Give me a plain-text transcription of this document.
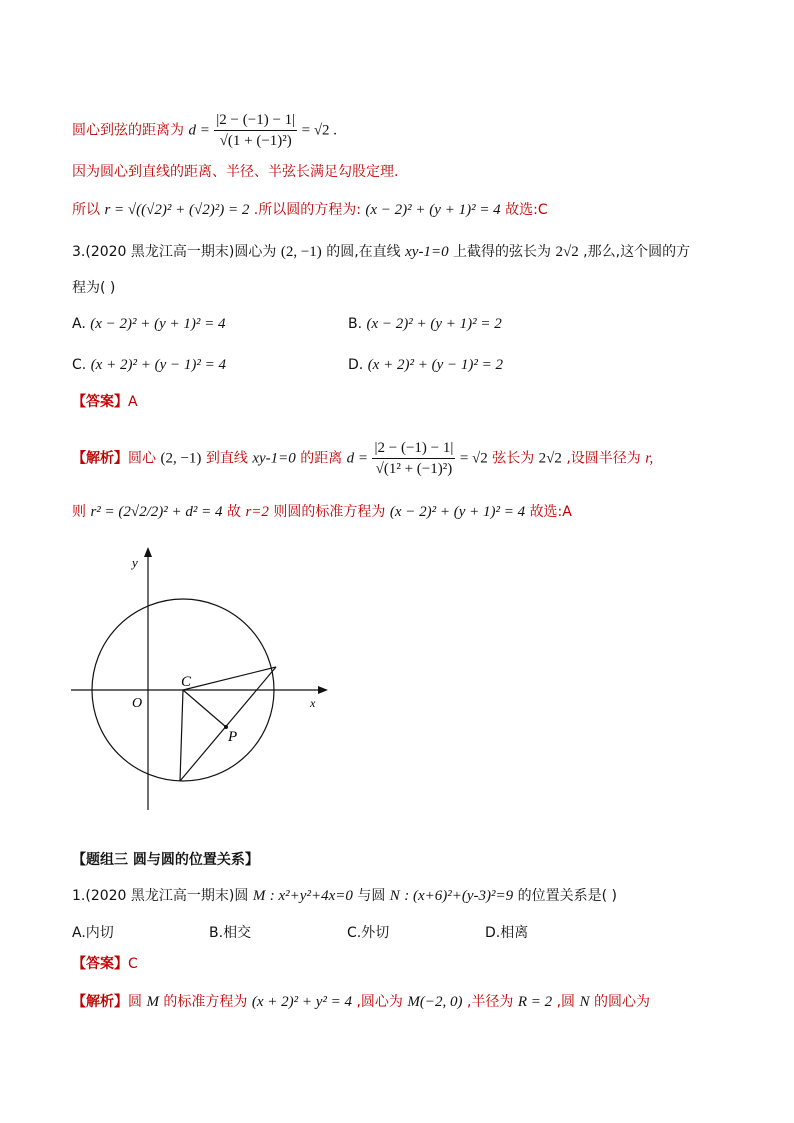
圆心到弦的距离为 $d = \frac{|2 - (-1) - 1|}{\text{√(1 + (−1)²)}} = √2$ .
因为圆心到直线的距离、半径、半弦长满足勾股定理.
所以 r = √((√2)² + (√2)²) = 2 .所以圆的方程为: (x − 2)² + (y + 1)² = 4 故选:C
3.(2020 黑龙江高一期末)圆心为 (2, −1) 的圆,在直线 xy-1=0 上截得的弦长为 2√2 ,那么,这个圆的方
程为( )
A. (x − 2)² + (y + 1)² = 4	B. (x − 2)² + (y + 1)² = 2
C. (x + 2)² + (y − 1)² = 4	D. (x + 2)² + (y − 1)² = 2
【答案】A
【解析】圆心 (2, −1) 到直线 xy-1=0 的距离 $d = \frac{|2 - (-1) - 1|}{\text{√(1² + (−1)²)}} = √2$ 弦长为 2√2 ,设圆半径为 r,
则 r² = (2√2/2)² + d² = 4 故 r=2 则圆的标准方程为 (x − 2)² + (y + 1)² = 4 故选:A
y
x
O
C
P
【题组三 圆与圆的位置关系】
1.(2020 黑龙江高一期末)圆 M : x²+y²+4x=0 与圆 N : (x+6)²+(y-3)²=9 的位置关系是( )
A.内切	B.相交	C.外切	D.相离
【答案】C
【解析】圆 M 的标准方程为 (x + 2)² + y² = 4 ,圆心为 M(−2, 0) ,半径为 R = 2 ,圆 N 的圆心为
